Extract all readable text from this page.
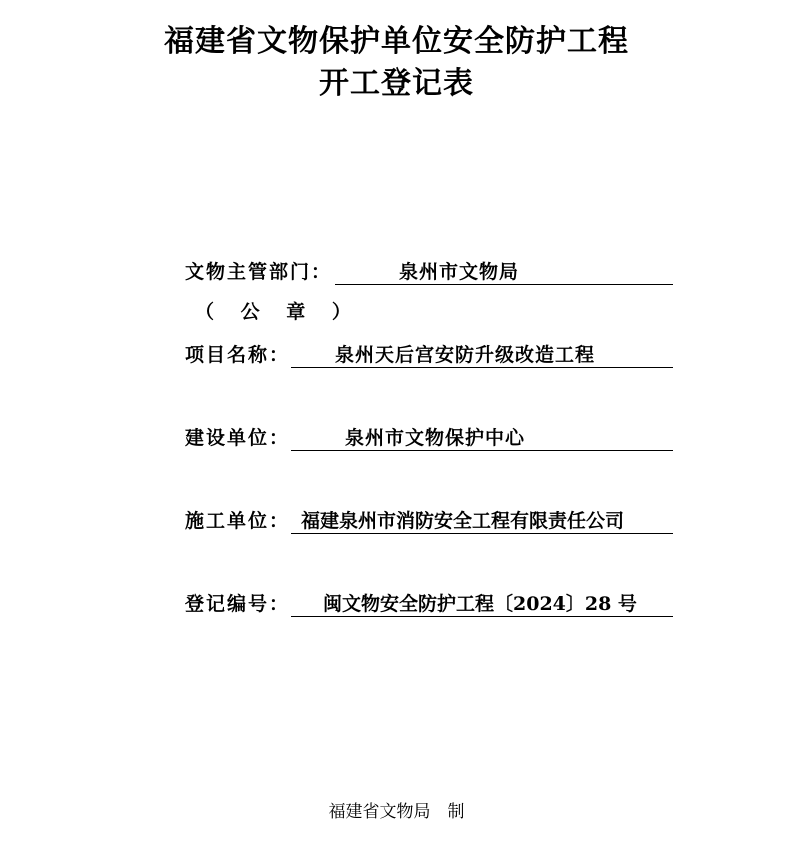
福建省文物保护单位安全防护工程
开工登记表
文物主管部门：	泉州市文物局
（ 公 章 ）
项目名称： 泉州天后宫安防升级改造工程
建设单位：	泉州市文物保护中心
施工单位： 福建泉州市消防安全工程有限责任公司
登记编号： 闽文物安全防护工程〔2024〕28 号
福建省文物局　制
